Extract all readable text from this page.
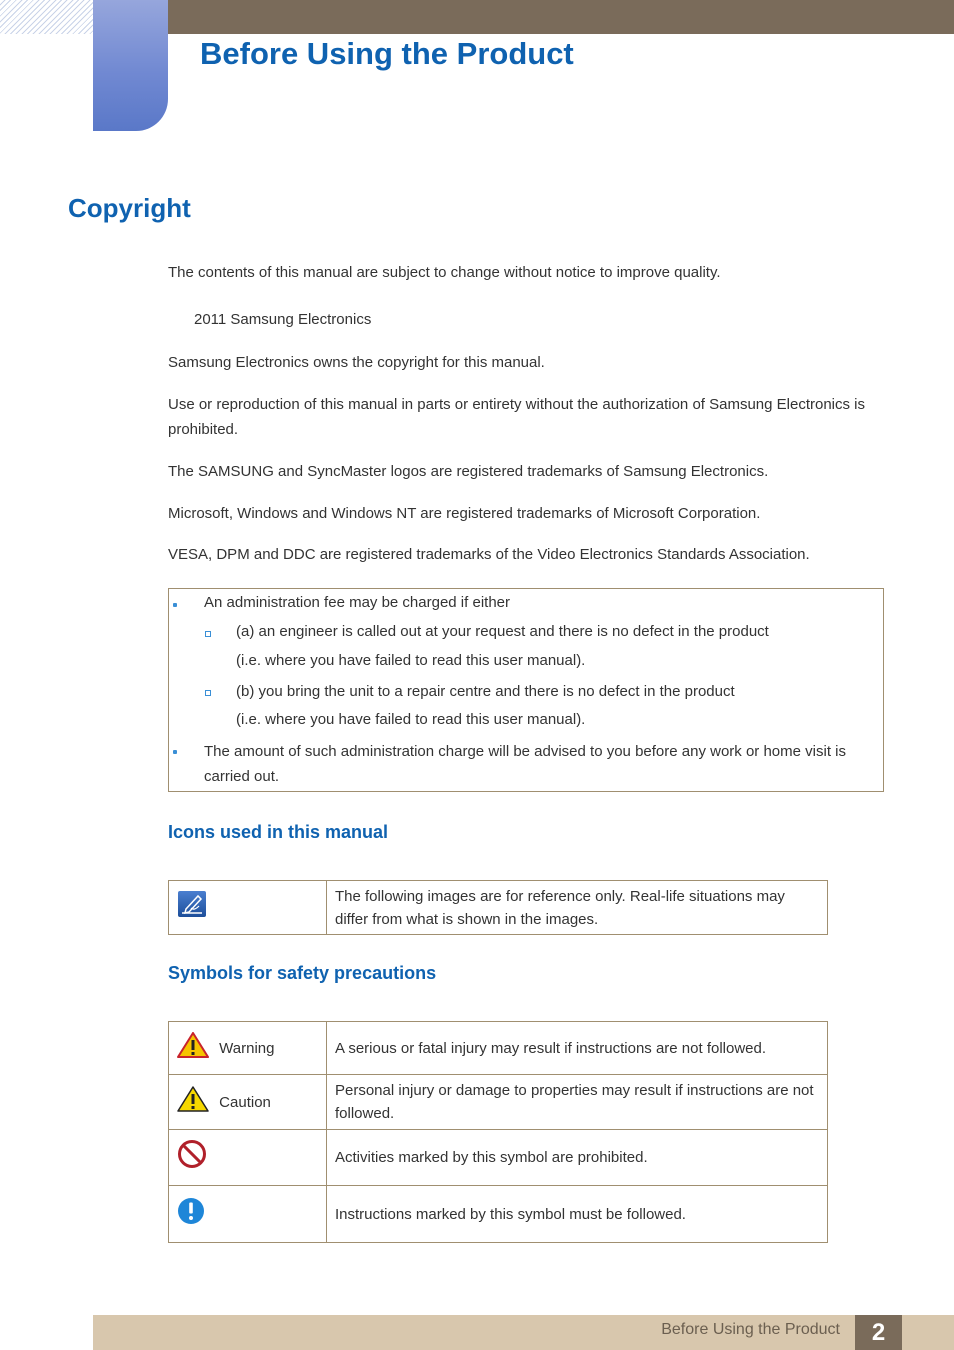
Before Using the Product
Copyright

The contents of this manual are subject to change without notice to improve quality.

2011 Samsung Electronics

Samsung Electronics owns the copyright for this manual.

Use or reproduction of this manual in parts or entirety without the authorization of Samsung Electronics is prohibited.

The SAMSUNG and SyncMaster logos are registered trademarks of Samsung Electronics.

Microsoft, Windows and Windows NT are registered trademarks of Microsoft Corporation.

VESA, DPM and DDC are registered trademarks of the Video Electronics Standards Association.

An administration fee may be charged if either

(a) an engineer is called out at your request and there is no defect in the product

(i.e. where you have failed to read this user manual).

(b) you bring the unit to a repair centre and there is no defect in the product

(i.e. where you have failed to read this user manual).

The amount of such administration charge will be advised to you before any work or home visit is carried out.

Icons used in this manual
	The following images are for reference only. Real-life situations may differ from what is shown in the images.
Symbols for safety precautions
Warning	A serious or fatal injury may result if instructions are not followed.
Caution	Personal injury or damage to properties may result if instructions are not followed.
	Activities marked by this symbol are prohibited.
	Instructions marked by this symbol must be followed.

Before Using the Product	2
